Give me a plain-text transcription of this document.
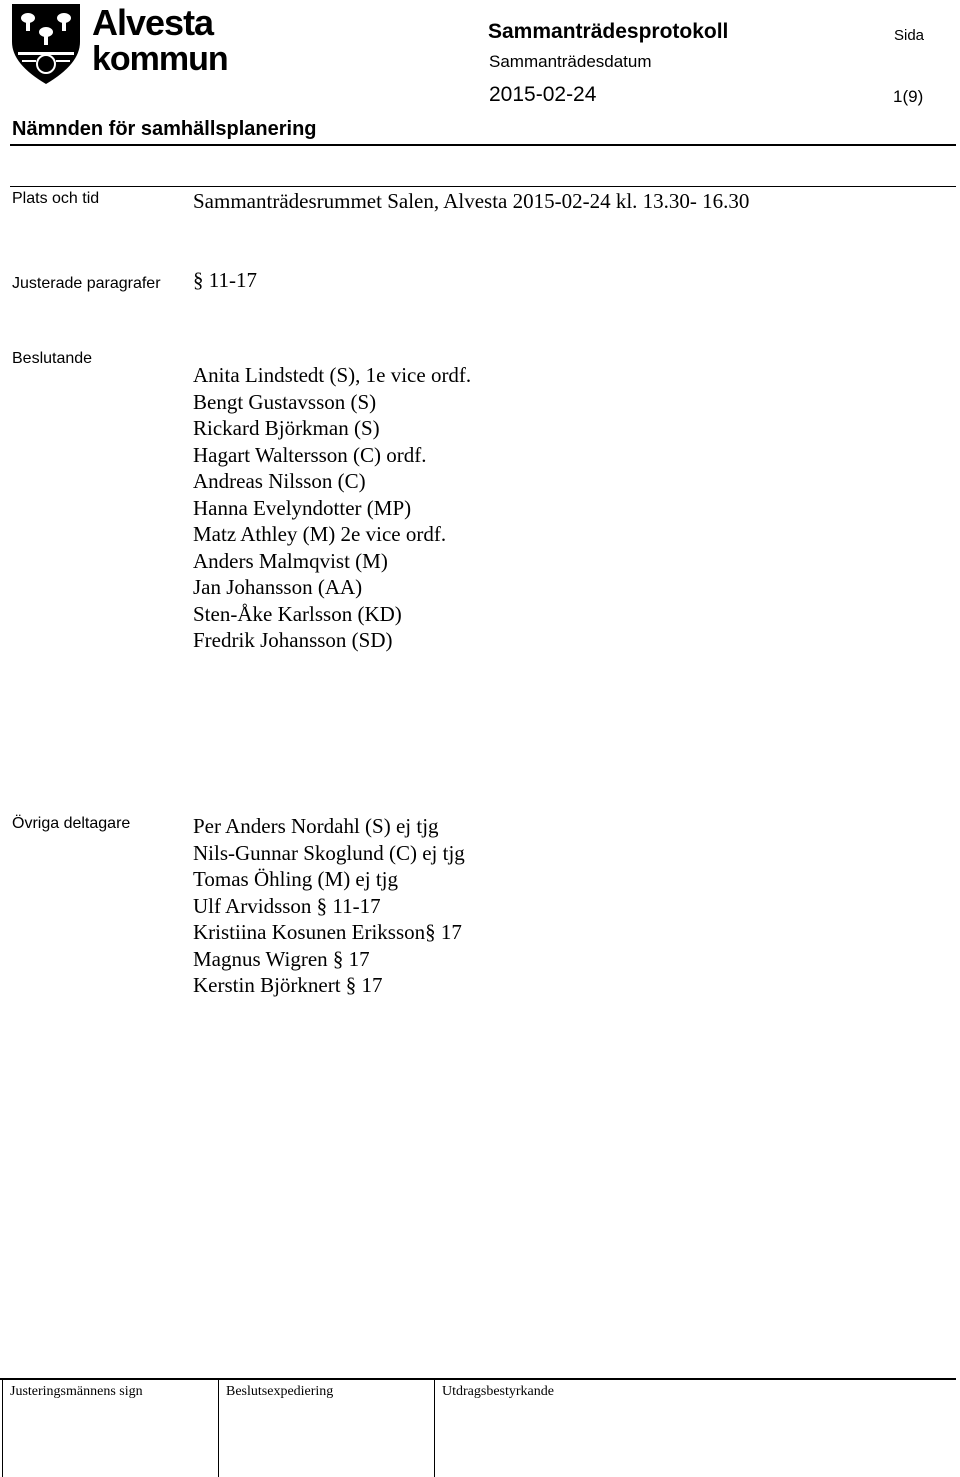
Alvesta
kommun
Sammanträdesprotokoll	Sida
Sammanträdesdatum
2015-02-24	1(9)
Nämnden för samhällsplanering
Plats och tid	Sammanträdesrummet Salen, Alvesta 2015-02-24 kl. 13.30- 16.30
Justerade paragrafer § 11-17
Beslutande
Anita Lindstedt (S), 1e vice ordf.
Bengt Gustavsson (S)
Rickard Björkman (S)
Hagart Waltersson (C) ordf.
Andreas Nilsson (C)
Hanna Evelyndotter (MP)
Matz Athley (M) 2e vice ordf.
Anders Malmqvist (M)
Jan Johansson (AA)
Sten-Åke Karlsson (KD)
Fredrik Johansson (SD)
Övriga deltagare	Per Anders Nordahl (S) ej tjg
Nils-Gunnar Skoglund (C) ej tjg
Tomas Öhling (M) ej tjg
Ulf Arvidsson § 11-17
Kristiina Kosunen Eriksson§ 17
Magnus Wigren § 17
Kerstin Björknert § 17
Justeringsmännens sign	Beslutsexpediering	Utdragsbestyrkande
